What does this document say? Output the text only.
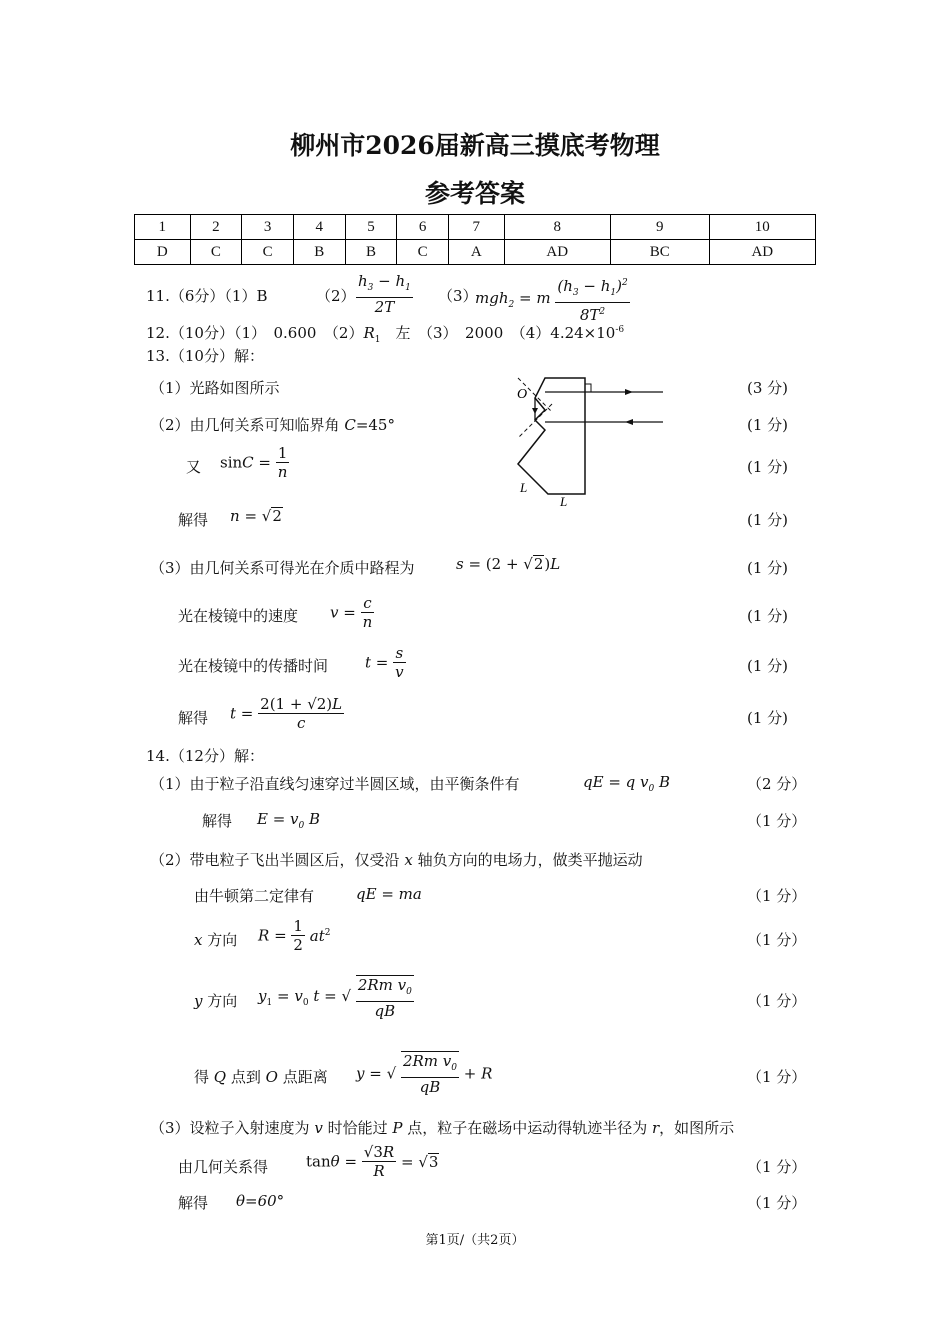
柳州市2026届新高三摸底考物理
参考答案
1	2	3	4	5	6	7	8	9	10
D	C	C	B	B	C	A	AD	BC	AD
11.（6分）（1）B	$(2) \frac{h_3 - h_1}{2T} (3)$
mgh$_2$ = m $\frac{(h_3 - h_1)^2}{8T^2}$
12.（10分）（1）　0.600　$(2)R_1$　左　（3）　2000　$(4)4.24\times 10^{-6}$
13.（10分）解：
（1）光路如图所示	(3 分)
（2）由几何关系可知临界角 C=45°	(1 分)
又 $\sin C = \frac{1}{n}$	(1 分)
解得 n = √2	(1 分)
（3）由几何关系可得光在介质中路程为	s = (2 + √2)L	(1 分)
光在棱镜中的速度 $v = \frac{c}{n}$	(1 分)
光在棱镜中的传播时间 $t = \frac{s}{v}$	(1 分)
解得 $t = \frac{2(1 + √2)L}{c}$	(1 分)
O
L
L
14.（12分）解：
（1）由于粒子沿直线匀速穿过半圆区域，由平衡条件有	qE = q $v_0$ B	（2 分）
解得 $E = v_0$ B	（1 分）
（2）带电粒子飞出半圆区后，仅受沿 x 轴负方向的电场力，做类平抛运动
由牛顿第二定律有	qE = ma	（1 分）
x 方向 $R = \frac{1}{2} at^2$	（1 分）
y 方向 $y_1 = v_0$ t = √ $\frac{2Rm v_0}{qB}$	（1 分）
得 Q 点到 O 点距离 y = √ $\frac{2Rm v_0}{qB} + R$	（1 分）
（3）设粒子入射速度为 v 时恰能过 P 点，粒子在磁场中运动得轨迹半径为 r，如图所示
由几何关系得	$\tan\theta = \frac{√3R}{R} = √3$	（1 分）
解得 θ=60°	（1 分）
第1页/（共2页）
